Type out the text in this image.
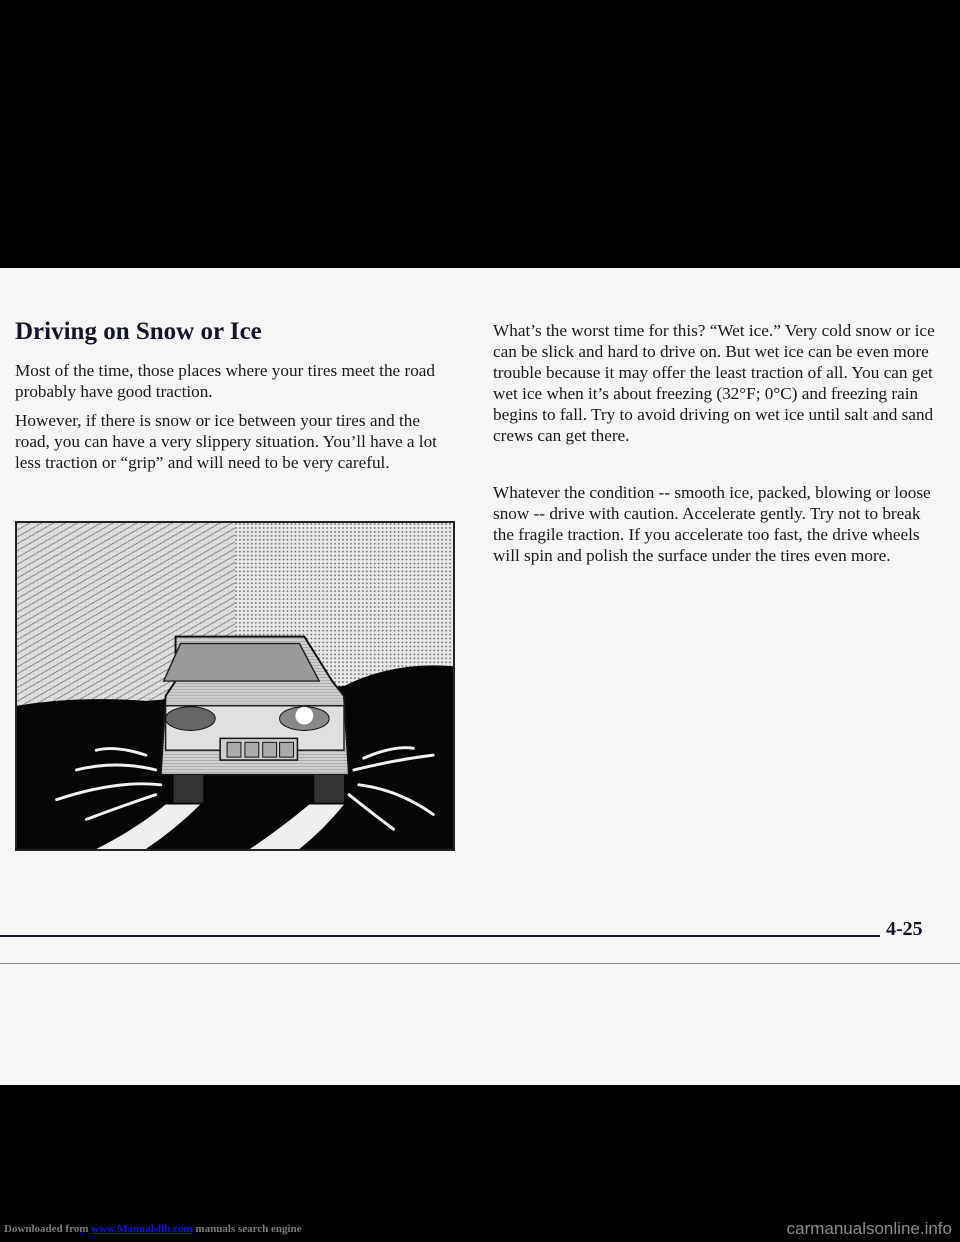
Driving on Snow or Ice

Most of the time, those places where your tires meet the road probably have good traction.

However, if there is snow or ice between your tires and the road, you can have a very slippery situation. You’ll have a lot less traction or “grip” and will need to be very careful.

What’s the worst time for this? “Wet ice.” Very cold snow or ice can be slick and hard to drive on. But wet ice can be even more trouble because it may offer the least traction of all. You can get wet ice when it’s about freezing (32°F; 0°C) and freezing rain begins to fall. Try to avoid driving on wet ice until salt and sand crews can get there.

Whatever the condition -- smooth ice, packed, blowing or loose snow -- drive with caution. Accelerate gently. Try not to break the fragile traction. If you accelerate too fast, the drive wheels will spin and polish the surface under the tires even more.

4-25
Downloaded from www.Manualslib.com manuals search engine	carmanualsonline.info
